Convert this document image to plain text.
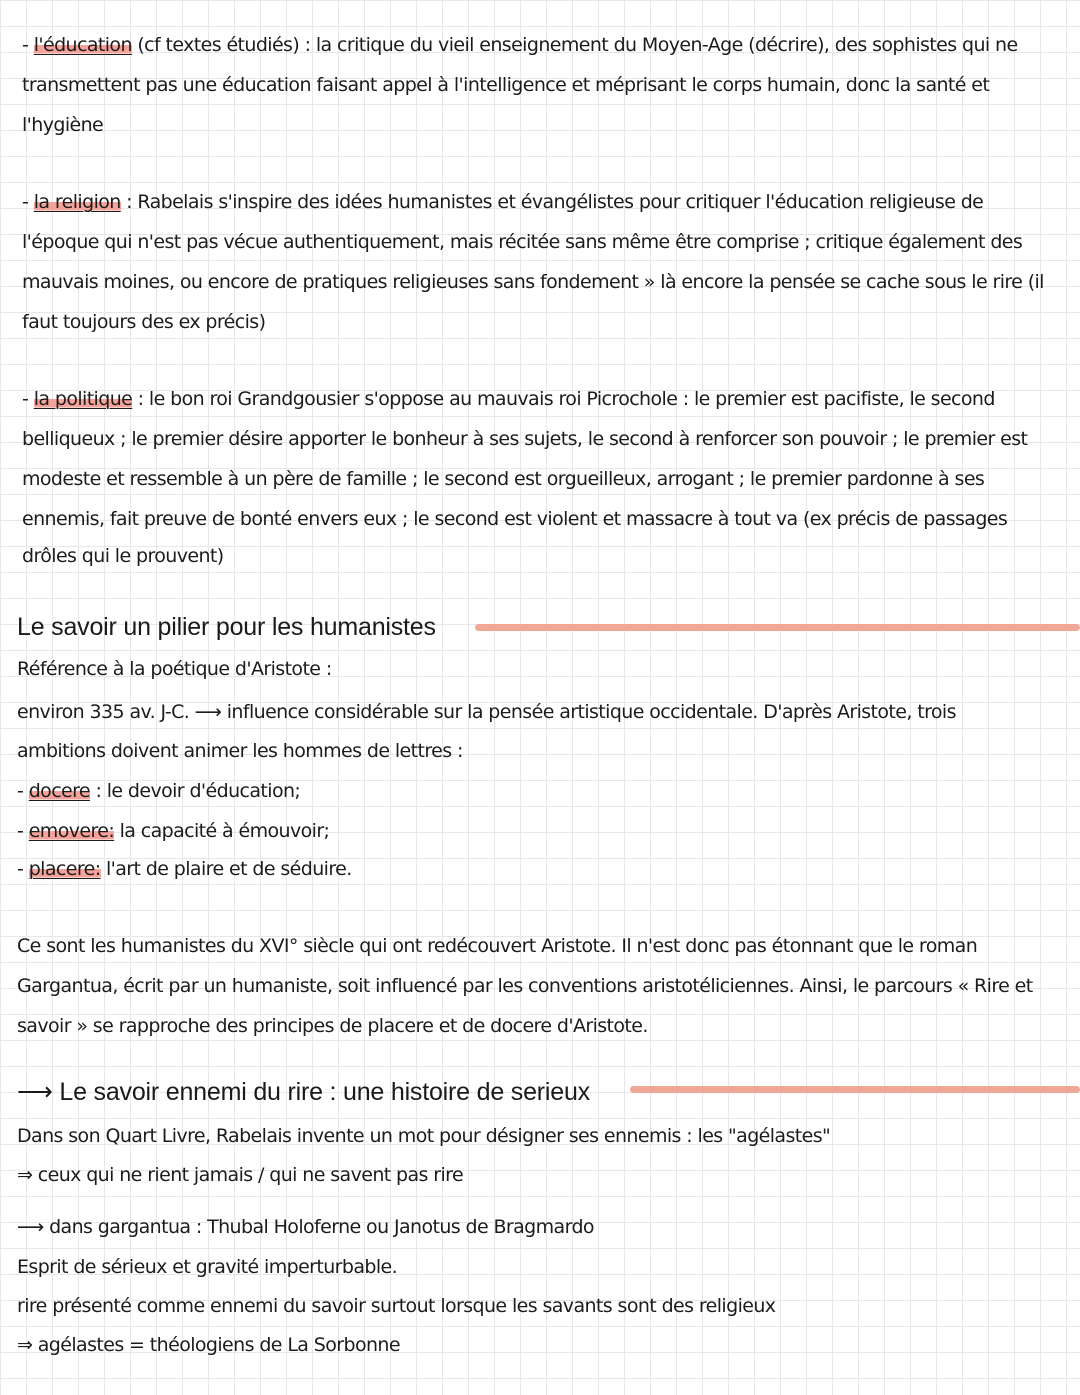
- l'éducation (cf textes étudiés) : la critique du vieil enseignement du Moyen-Age (décrire), des sophistes qui ne
transmettent pas une éducation faisant appel à l'intelligence et méprisant le corps humain, donc la santé et
l'hygiène
- la religion : Rabelais s'inspire des idées humanistes et évangélistes pour critiquer l'éducation religieuse de
l'époque qui n'est pas vécue authentiquement, mais récitée sans même être comprise ; critique également des
mauvais moines, ou encore de pratiques religieuses sans fondement » là encore la pensée se cache sous le rire (il
faut toujours des ex précis)
- la politique : le bon roi Grandgousier s'oppose au mauvais roi Picrochole : le premier est pacifiste, le second
belliqueux ; le premier désire apporter le bonheur à ses sujets, le second à renforcer son pouvoir ; le premier est
modeste et ressemble à un père de famille ; le second est orgueilleux, arrogant ; le premier pardonne à ses
ennemis, fait preuve de bonté envers eux ; le second est violent et massacre à tout va (ex précis de passages
drôles qui le prouvent)
Le savoir un pilier pour les humanistes
Référence à la poétique d'Aristote :
environ 335 av. J-C. ⟶ influence considérable sur la pensée artistique occidentale. D'après Aristote, trois
ambitions doivent animer les hommes de lettres :
- docere : le devoir d'éducation;
- emovere: la capacité à émouvoir;
- placere: l'art de plaire et de séduire.
Ce sont les humanistes du XVI° siècle qui ont redécouvert Aristote. Il n'est donc pas étonnant que le roman
Gargantua, écrit par un humaniste, soit influencé par les conventions aristotéliciennes. Ainsi, le parcours « Rire et
savoir » se rapproche des principes de placere et de docere d'Aristote.
⟶ Le savoir ennemi du rire : une histoire de serieux
Dans son Quart Livre, Rabelais invente un mot pour désigner ses ennemis : les "agélastes"
⇒ ceux qui ne rient jamais / qui ne savent pas rire
⟶ dans gargantua : Thubal Holoferne ou Janotus de Bragmardo
Esprit de sérieux et gravité imperturbable.
rire présenté comme ennemi du savoir surtout lorsque les savants sont des religieux
⇒ agélastes = théologiens de La Sorbonne
